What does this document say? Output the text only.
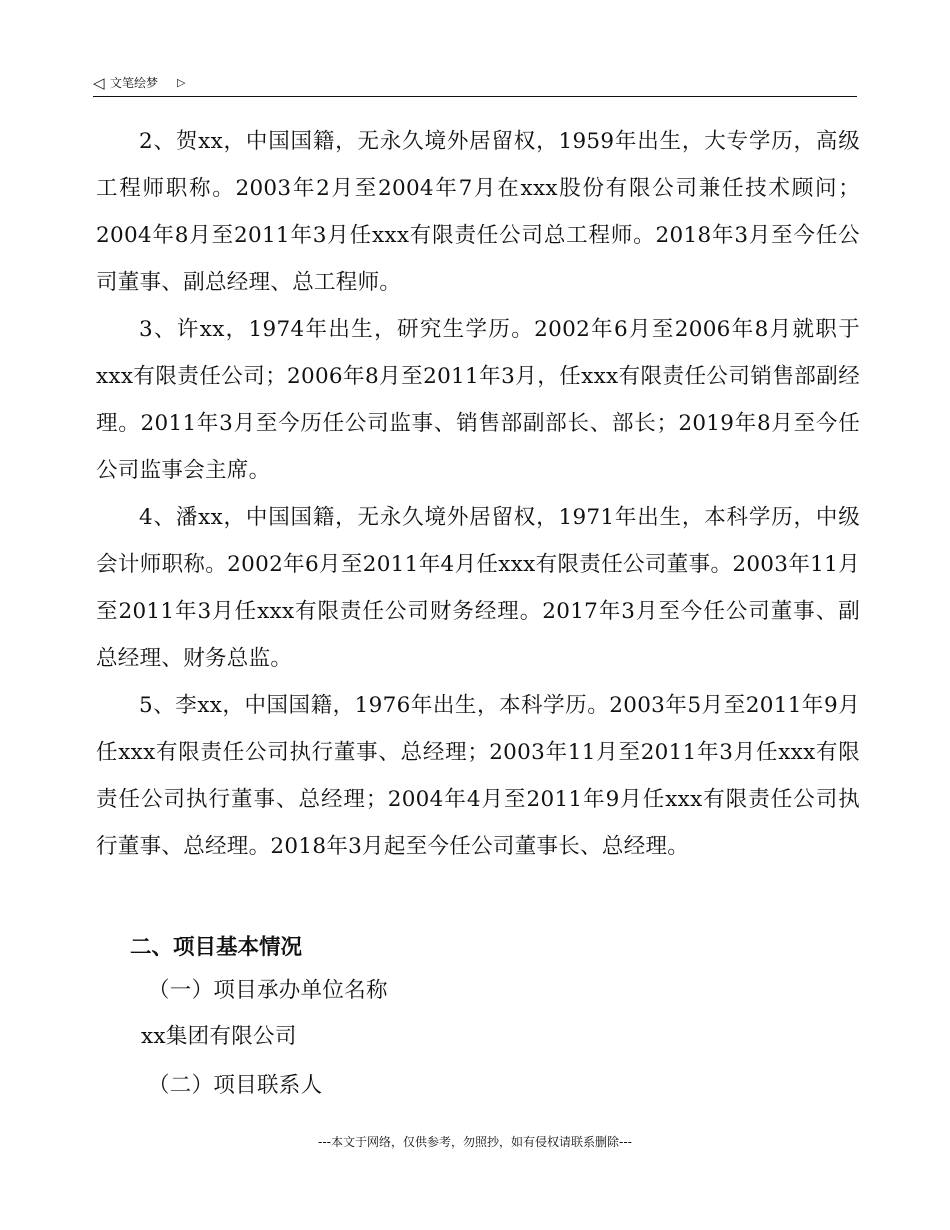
◁ 文笔绘梦 ▷

2、贺xx，中国国籍，无永久境外居留权，1959年出生，大专学历，高级工程师职称。2003年2月至2004年7月在xxx股份有限公司兼任技术顾问；2004年8月至2011年3月任xxx有限责任公司总工程师。2018年3月至今任公司董事、副总经理、总工程师。

3、许xx，1974年出生，研究生学历。2002年6月至2006年8月就职于xxx有限责任公司；2006年8月至2011年3月，任xxx有限责任公司销售部副经理。2011年3月至今历任公司监事、销售部副部长、部长；2019年8月至今任公司监事会主席。

4、潘xx，中国国籍，无永久境外居留权，1971年出生，本科学历，中级会计师职称。2002年6月至2011年4月任xxx有限责任公司董事。2003年11月至2011年3月任xxx有限责任公司财务经理。2017年3月至今任公司董事、副总经理、财务总监。

5、李xx，中国国籍，1976年出生，本科学历。2003年5月至2011年9月任xxx有限责任公司执行董事、总经理；2003年11月至2011年3月任xxx有限责任公司执行董事、总经理；2004年4月至2011年9月任xxx有限责任公司执行董事、总经理。2018年3月起至今任公司董事长、总经理。

二、项目基本情况
（一）项目承办单位名称
xx集团有限公司
（二）项目联系人
---本文于网络，仅供参考，勿照抄，如有侵权请联系删除---
